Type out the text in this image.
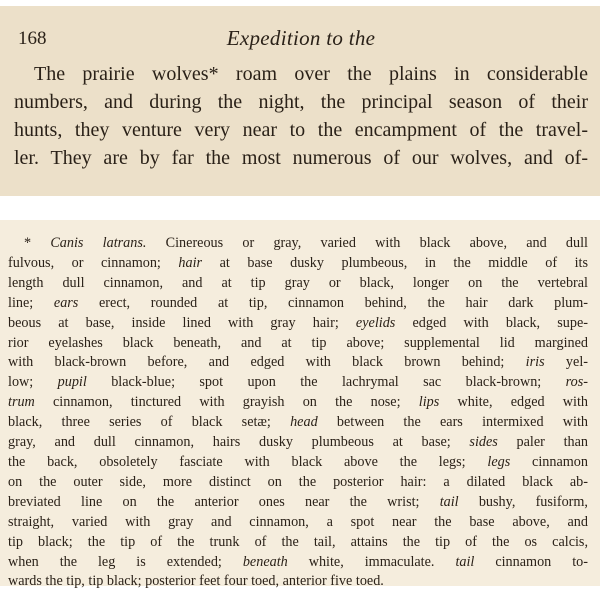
168	Expedition to the

The prairie wolves* roam over the plains in considerable

numbers, and during the night, the principal season of their

hunts, they venture very near to the encampment of the travel-

ler. They are by far the most numerous of our wolves, and of-

* Canis latrans. Cinereous or gray, varied with black above, and dull

fulvous, or cinnamon; hair at base dusky plumbeous, in the middle of its

length dull cinnamon, and at tip gray or black, longer on the vertebral

line; ears erect, rounded at tip, cinnamon behind, the hair dark plum-

beous at base, inside lined with gray hair; eyelids edged with black, supe-

rior eyelashes black beneath, and at tip above; supplemental lid margined

with black-brown before, and edged with black brown behind; iris yel-

low; pupil black-blue; spot upon the lachrymal sac black-brown; ros-

trum cinnamon, tinctured with grayish on the nose; lips white, edged with

black, three series of black setæ; head between the ears intermixed with

gray, and dull cinnamon, hairs dusky plumbeous at base; sides paler than

the back, obsoletely fasciate with black above the legs; legs cinnamon

on the outer side, more distinct on the posterior hair: a dilated black ab-

breviated line on the anterior ones near the wrist; tail bushy, fusiform,

straight, varied with gray and cinnamon, a spot near the base above, and

tip black; the tip of the trunk of the tail, attains the tip of the os calcis,

when the leg is extended; beneath white, immaculate. tail cinnamon to-

wards the tip, tip black; posterior feet four toed, anterior five toed.
